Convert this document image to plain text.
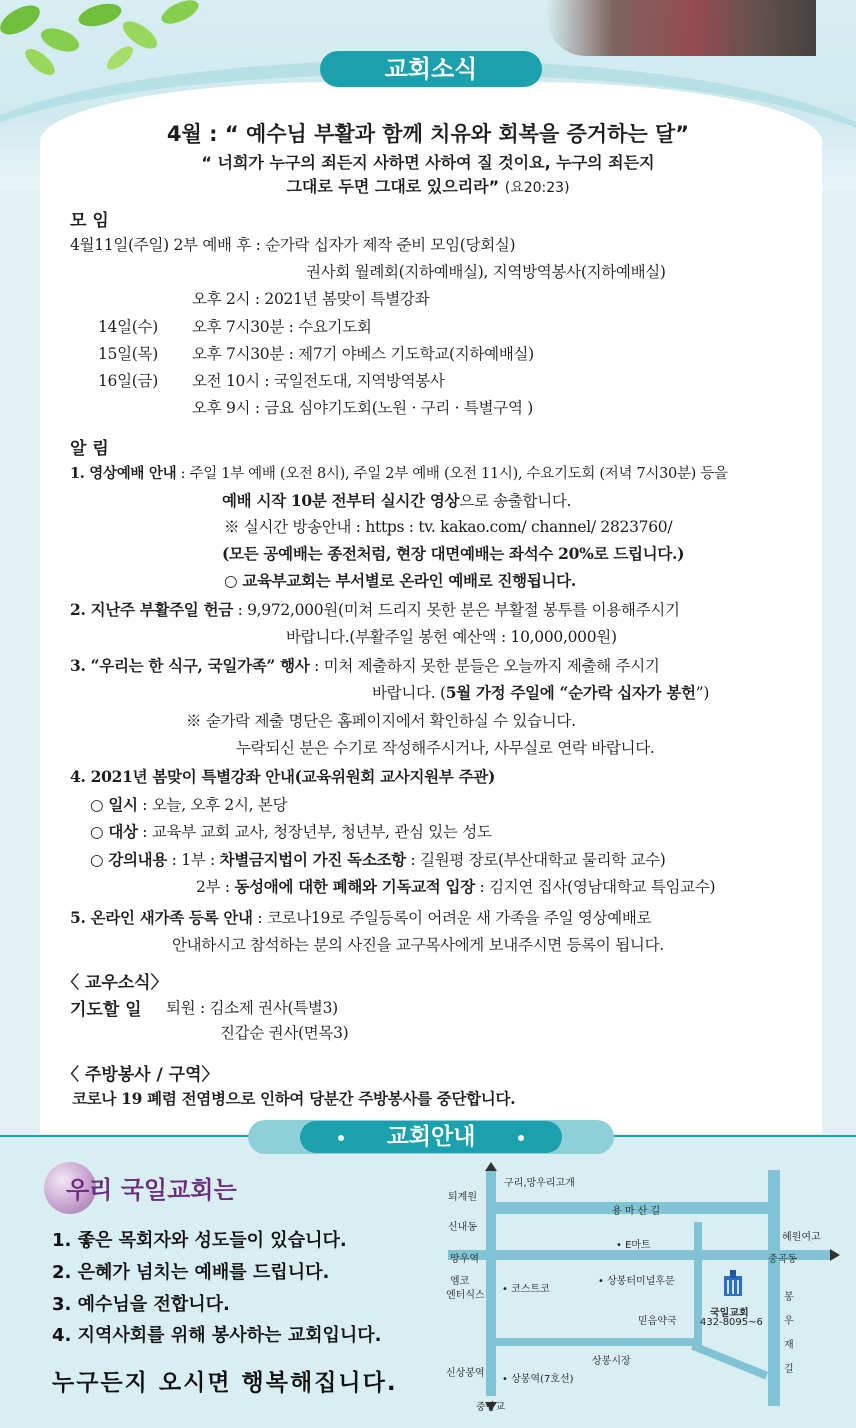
교회소식
4월 : “ 예수님 부활과 함께 치유와 회복을 증거하는 달”
“ 너희가 누구의 죄든지 사하면 사하여 질 것이요, 누구의 죄든지
그대로 두면 그대로 있으리라” (요20:23)
모 임
4월11일(주일) 2부 예배 후 : 순가락 십자가 제작 준비 모임(당회실)
권사회 월례회(지하예배실), 지역방역봉사(지하예배실)
오후 2시 : 2021년 봄맞이 특별강좌
14일(수) 오후 7시30분 : 수요기도회
15일(목) 오후 7시30분 : 제7기 야베스 기도학교(지하예배실)
16일(금) 오전 10시 : 국일전도대, 지역방역봉사
오후 9시 : 금요 심야기도회(노원 · 구리 · 특별구역 )
알 림
1. 영상예배 안내 : 주일 1부 예배 (오전 8시), 주일 2부 예배 (오전 11시), 수요기도회 (저녁 7시30분) 등을
예배 시작 10분 전부터 실시간 영상으로 송출합니다.
※ 실시간 방송안내 : https : tv. kakao.com/ channel/ 2823760/
(모든 공예배는 종전처럼, 현장 대면예배는 좌석수 20%로 드립니다.)
○ 교육부교회는 부서별로 온라인 예배로 진행됩니다.
2. 지난주 부활주일 헌금 : 9,972,000원(미쳐 드리지 못한 분은 부활절 봉투를 이용해주시기
바랍니다.(부활주일 봉헌 예산액 : 10,000,000원)
3. “우리는 한 식구, 국일가족” 행사 : 미처 제출하지 못한 분들은 오늘까지 제출해 주시기
바랍니다. (5월 가정 주일에 “순가락 십자가 봉헌”)
※ 숟가락 제출 명단은 홈페이지에서 확인하실 수 있습니다.
누락되신 분은 수기로 작성해주시거나, 사무실로 연락 바랍니다.
4. 2021년 봄맞이 특별강좌 안내(교육위원회 교사지원부 주관)
○ 일시 : 오늘, 오후 2시, 본당
○ 대상 : 교육부 교회 교사, 청장년부, 청년부, 관심 있는 성도
○ 강의내용 : 1부 : 차별금지법이 가진 독소조항 : 길원평 장로(부산대학교 물리학 교수)
2부 : 동성애에 대한 폐해와 기독교적 입장 : 김지연 집사(영남대학교 특임교수)
5. 온라인 새가족 등록 안내 : 코로나19로 주일등록이 어려운 새 가족을 주일 영상예배로
안내하시고 참석하는 분의 사진을 교구목사에게 보내주시면 등록이 됩니다.
〈 교우소식〉
기도할 일 퇴원 : 김소제 권사(특별3)
진갑순 권사(면목3)
〈 주방봉사 / 구역〉
코로나 19 폐렴 전염병으로 인하여 당분간 주방봉사를 중단합니다.
교회안내
우리 국일교회는
1. 좋은 목회자와 성도들이 있습니다.
2. 은혜가 넘치는 예배를 드립니다.
3. 예수님을 전합니다.
4. 지역사회를 위해 봉사하는 교회입니다.
누구든지 오시면 행복해집니다.
구리,망우리고개
퇴계원
용 마 산 길
신내동
혜원여고
• E마트
망우역	중곡동
엠코
엔터식스
• 코스트코
• 상봉터미널후문
믿음약국
국일교회
432-8095~6
봉
우
재
길
상봉시장
신상봉역
• 상봉역(7호선)
중랑교
